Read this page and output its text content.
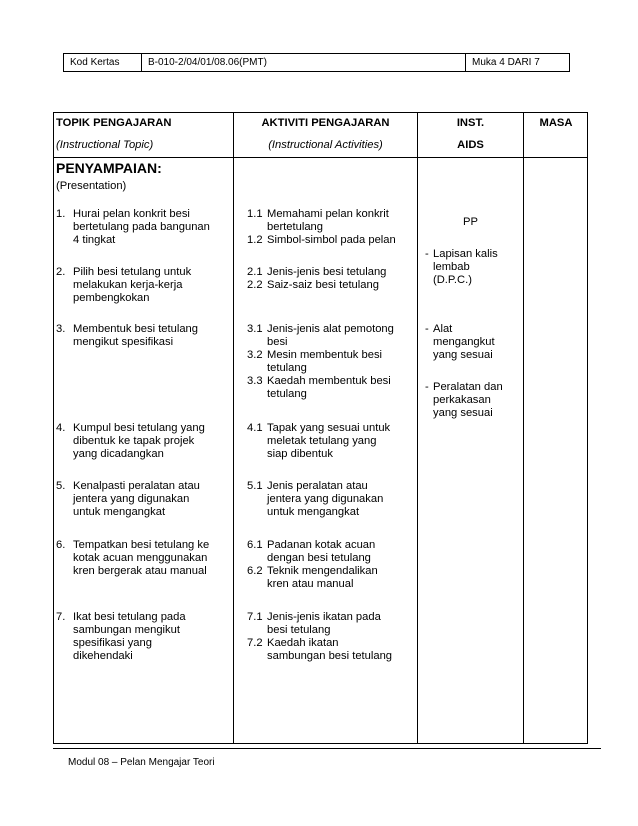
Kod Kertas	B-010-2/04/01/08.06(PMT)	Muka 4 DARI 7
TOPIK PENGAJARAN
(Instructional Topic)
AKTIVITI PENGAJARAN
(Instructional Activities)
INST.
AIDS
MASA
PENYAMPAIAN:
(Presentation)
1. Hurai pelan konkrit besi
bertetulang pada bangunan
4 tingkat
2. Pilih besi tetulang untuk
melakukan kerja-kerja
pembengkokan
3. Membentuk besi tetulang
mengikut spesifikasi
4. Kumpul besi tetulang yang
dibentuk ke tapak projek
yang dicadangkan
5. Kenalpasti peralatan atau
jentera yang digunakan
untuk mengangkat
6. Tempatkan besi tetulang ke
kotak acuan menggunakan
kren bergerak atau manual
7. Ikat besi tetulang pada
sambungan mengikut
spesifikasi yang
dikehendaki
1.1 Memahami pelan konkrit
bertetulang
1.2 Simbol-simbol pada pelan
2.1 Jenis-jenis besi tetulang
2.2 Saiz-saiz besi tetulang
3.1 Jenis-jenis alat pemotong
besi
3.2 Mesin membentuk besi
tetulang
3.3 Kaedah membentuk besi
tetulang
4.1 Tapak yang sesuai untuk
meletak tetulang yang
siap dibentuk
5.1 Jenis peralatan atau
jentera yang digunakan
untuk mengangkat
6.1 Padanan kotak acuan
dengan besi tetulang
6.2 Teknik mengendalikan
kren atau manual
7.1 Jenis-jenis ikatan pada
besi tetulang
7.2 Kaedah ikatan
sambungan besi tetulang
PP
- Lapisan kalis
lembab
(D.P.C.)
- Alat
mengangkut
yang sesuai
- Peralatan dan
perkakasan
yang sesuai
Modul 08 – Pelan Mengajar Teori
